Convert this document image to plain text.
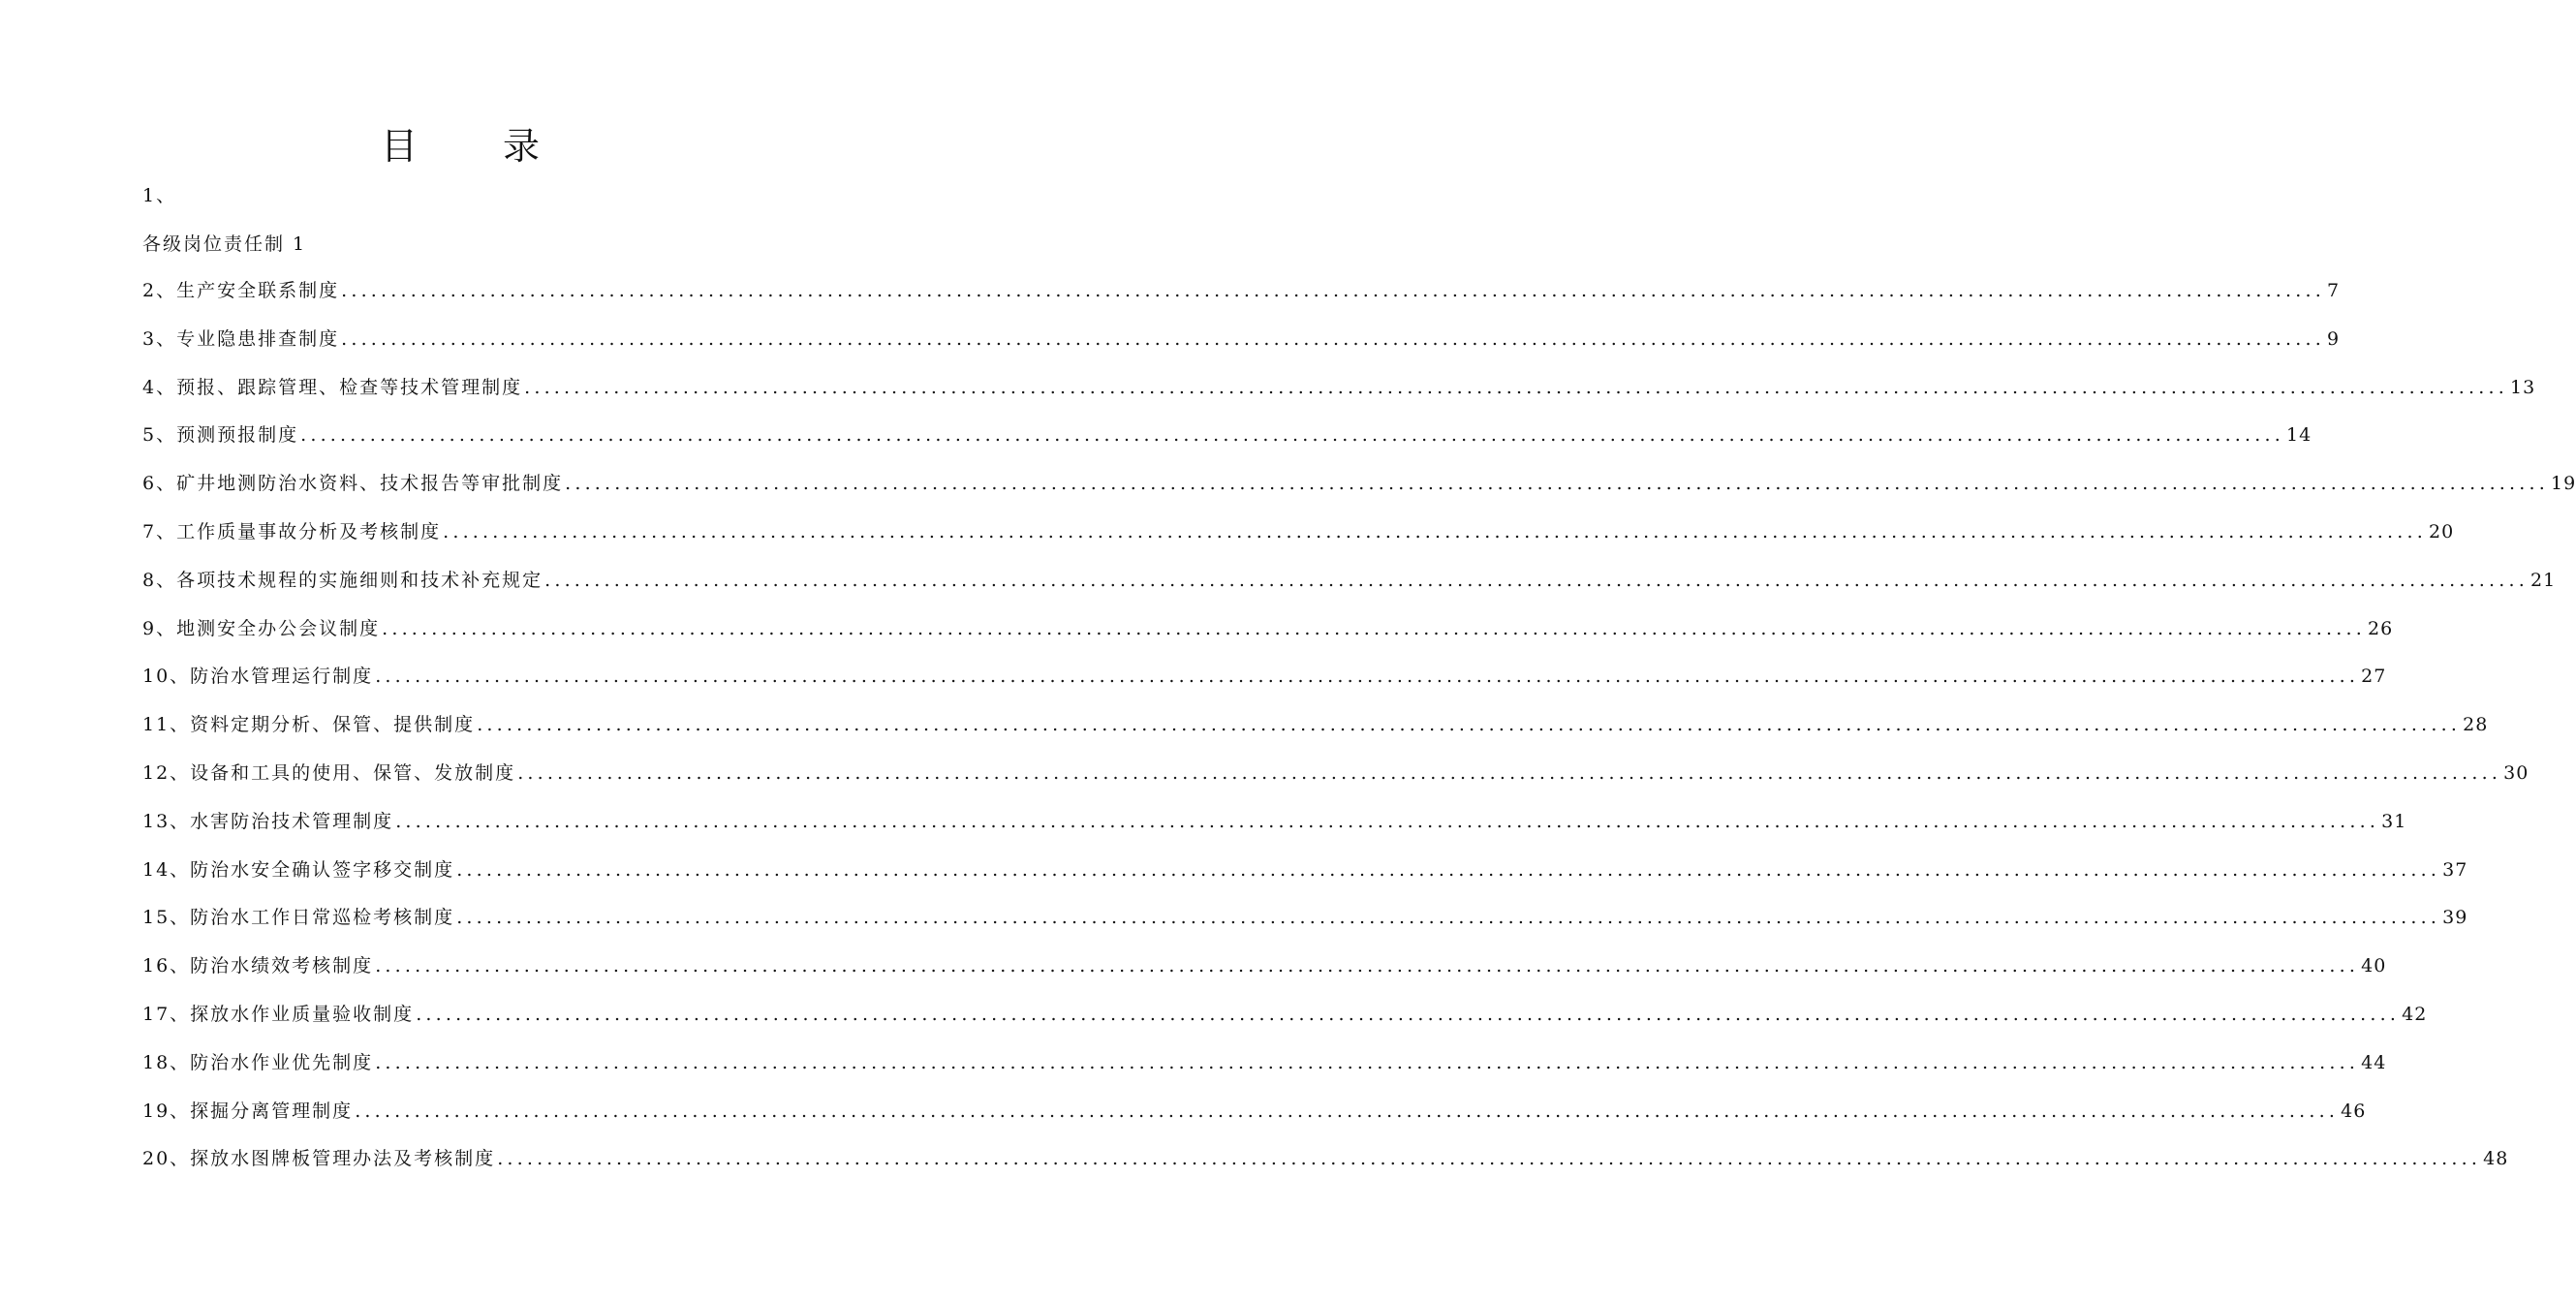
目 录
1、
各级岗位责任制 1
2、生产安全联系制度 ........................................................................................................................................................................................................ 7
3、专业隐患排查制度 ........................................................................................................................................................................................................ 9
4、预报、跟踪管理、检查等技术管理制度 ........................................................................................................................................................................................................ 13
5、预测预报制度 ........................................................................................................................................................................................................ 14
6、矿井地测防治水资料、技术报告等审批制度 ........................................................................................................................................................................................................ 19
7、工作质量事故分析及考核制度 ........................................................................................................................................................................................................ 20
8、各项技术规程的实施细则和技术补充规定 ........................................................................................................................................................................................................ 21
9、地测安全办公会议制度 ........................................................................................................................................................................................................ 26
10、防治水管理运行制度 ........................................................................................................................................................................................................ 27
11、资料定期分析、保管、提供制度 ........................................................................................................................................................................................................ 28
12、设备和工具的使用、保管、发放制度 ........................................................................................................................................................................................................ 30
13、水害防治技术管理制度 ........................................................................................................................................................................................................ 31
14、防治水安全确认签字移交制度 ........................................................................................................................................................................................................ 37
15、防治水工作日常巡检考核制度 ........................................................................................................................................................................................................ 39
16、防治水绩效考核制度 ........................................................................................................................................................................................................ 40
17、探放水作业质量验收制度 ........................................................................................................................................................................................................ 42
18、防治水作业优先制度 ........................................................................................................................................................................................................ 44
19、探掘分离管理制度 ........................................................................................................................................................................................................ 46
20、探放水图牌板管理办法及考核制度 ........................................................................................................................................................................................................ 48
